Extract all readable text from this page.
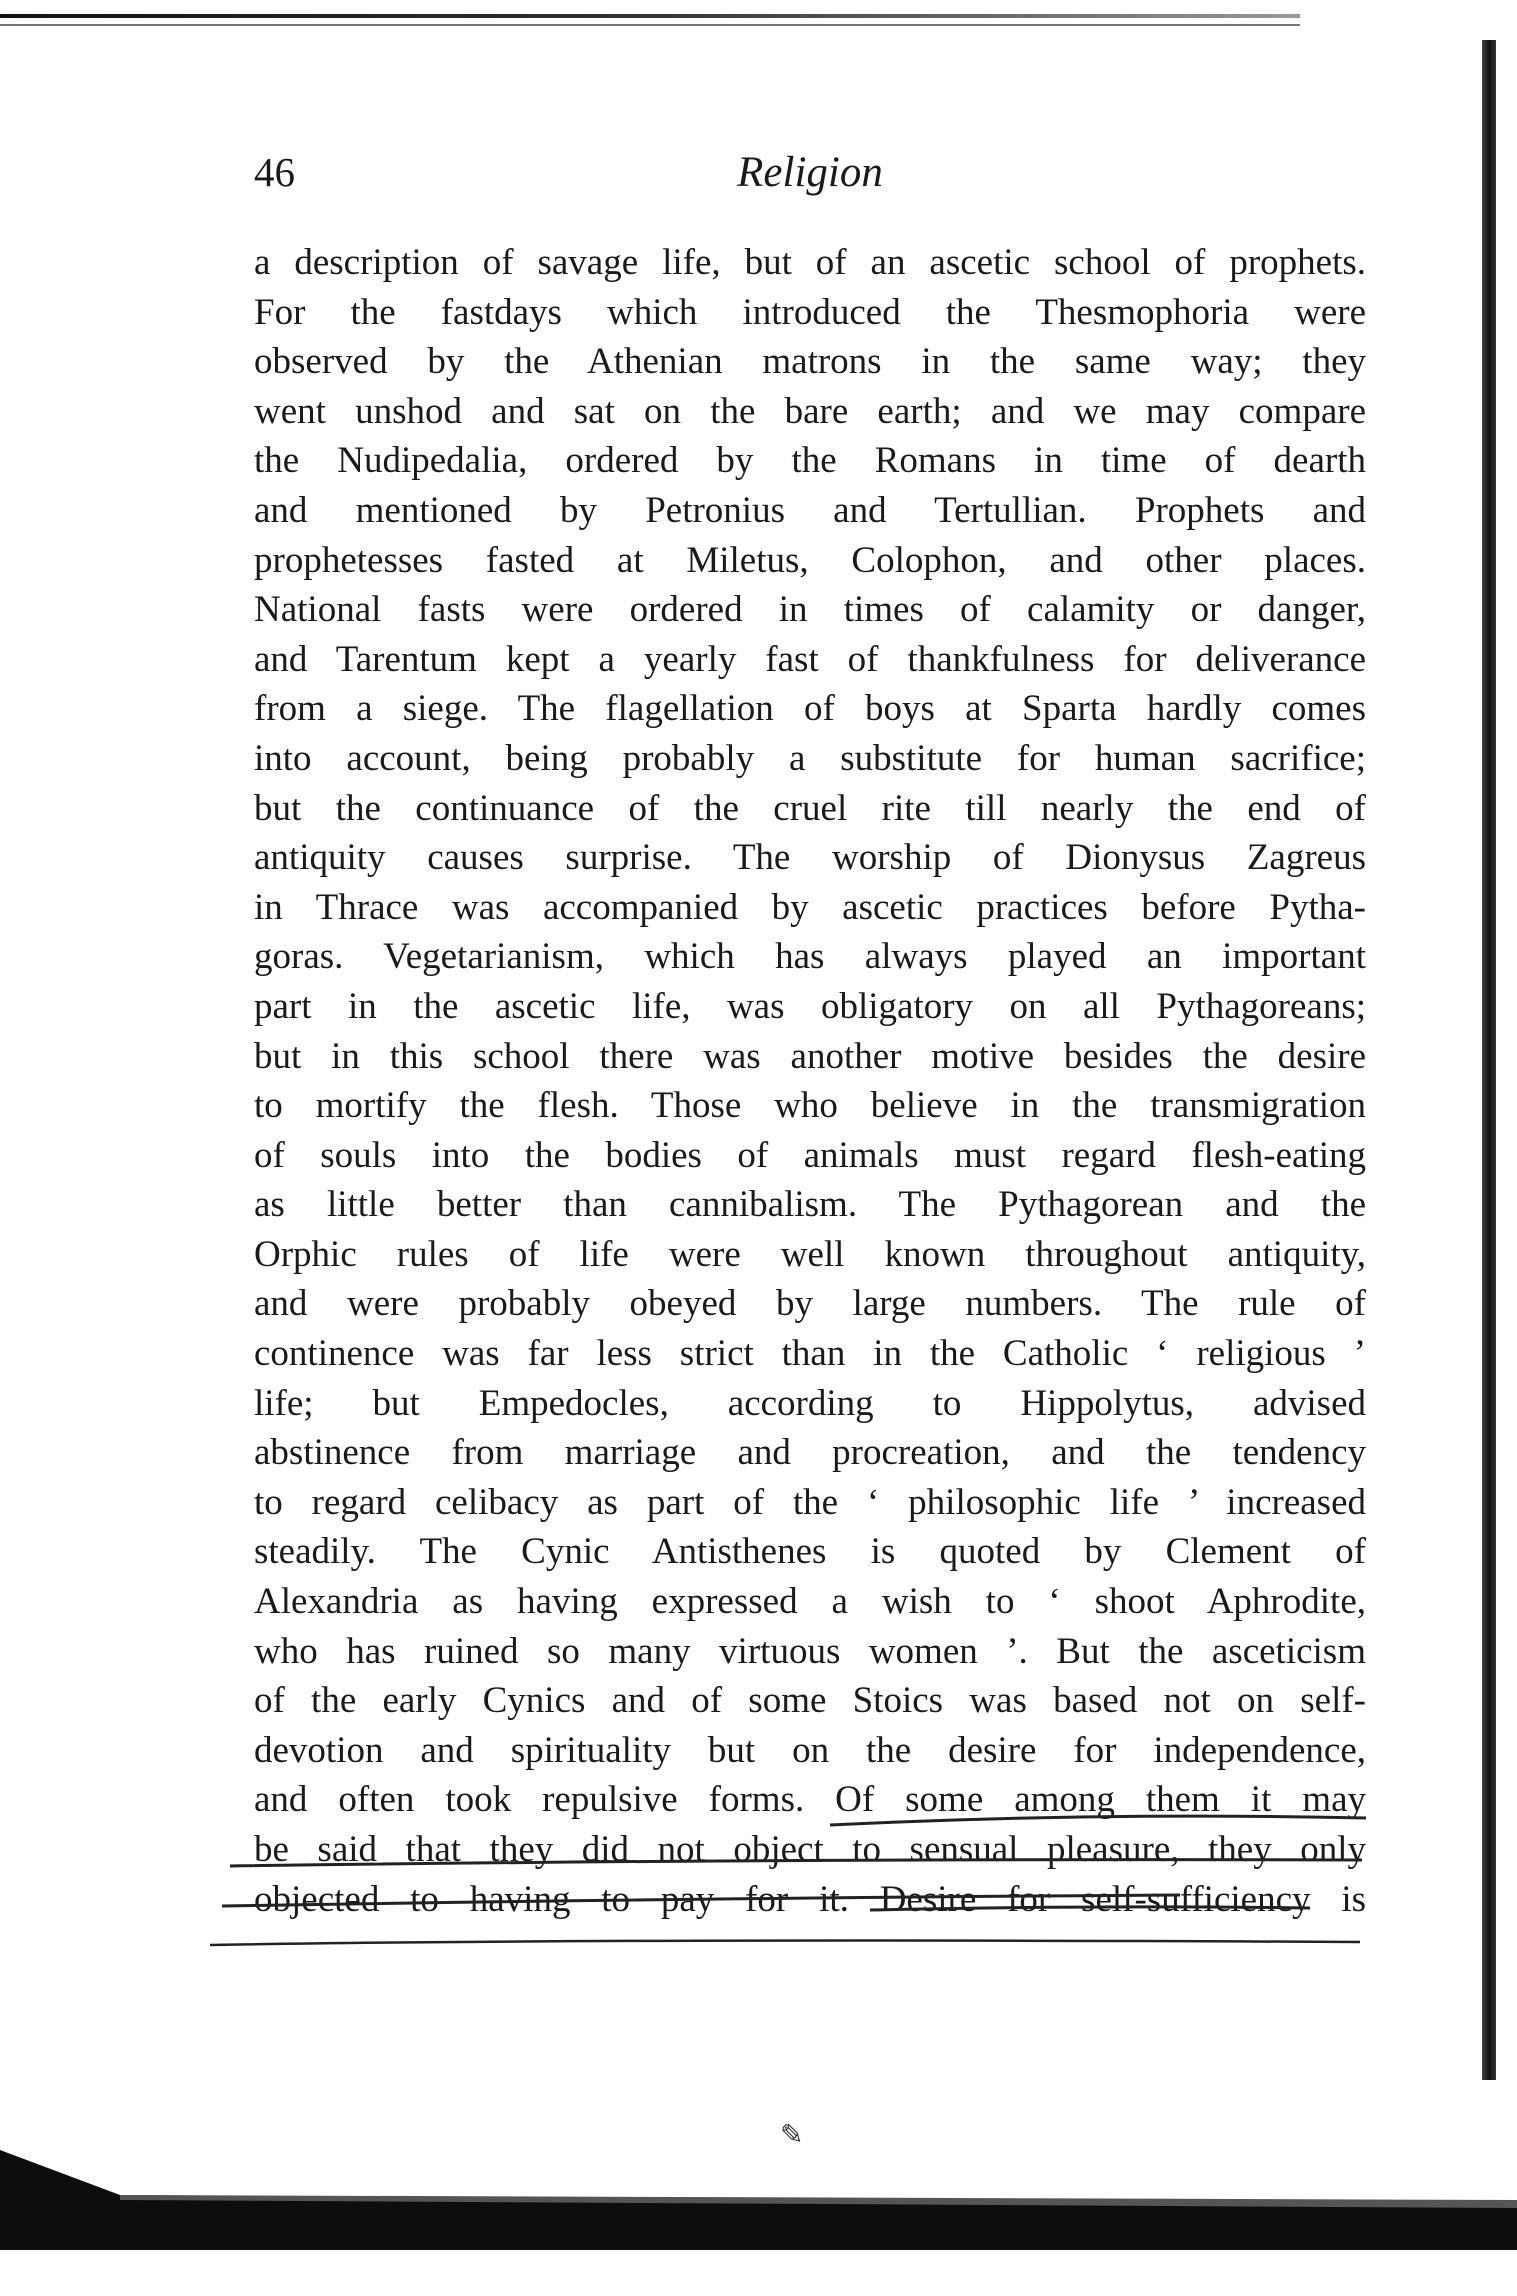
46	Religion
a description of savage life, but of an ascetic school of prophets.
For the fastdays which introduced the Thesmophoria were
observed by the Athenian matrons in the same way; they
went unshod and sat on the bare earth; and we may compare
the Nudipedalia, ordered by the Romans in time of dearth
and mentioned by Petronius and Tertullian. Prophets and
prophetesses fasted at Miletus, Colophon, and other places.
National fasts were ordered in times of calamity or danger,
and Tarentum kept a yearly fast of thankfulness for deliverance
from a siege. The flagellation of boys at Sparta hardly comes
into account, being probably a substitute for human sacrifice;
but the continuance of the cruel rite till nearly the end of
antiquity causes surprise. The worship of Dionysus Zagreus
in Thrace was accompanied by ascetic practices before Pytha-
goras. Vegetarianism, which has always played an important
part in the ascetic life, was obligatory on all Pythagoreans;
but in this school there was another motive besides the desire
to mortify the flesh. Those who believe in the transmigration
of souls into the bodies of animals must regard flesh-eating
as little better than cannibalism. The Pythagorean and the
Orphic rules of life were well known throughout antiquity,
and were probably obeyed by large numbers. The rule of
continence was far less strict than in the Catholic ‘ religious ’
life; but Empedocles, according to Hippolytus, advised
abstinence from marriage and procreation, and the tendency
to regard celibacy as part of the ‘ philosophic life ’ increased
steadily. The Cynic Antisthenes is quoted by Clement of
Alexandria as having expressed a wish to ‘ shoot Aphrodite,
who has ruined so many virtuous women ’. But the asceticism
of the early Cynics and of some Stoics was based not on self-
devotion and spirituality but on the desire for independence,
and often took repulsive forms. Of some among them it may
be said that they did not object to sensual pleasure, they only
objected to having to pay for it. Desire for self-sufficiency is
✎
